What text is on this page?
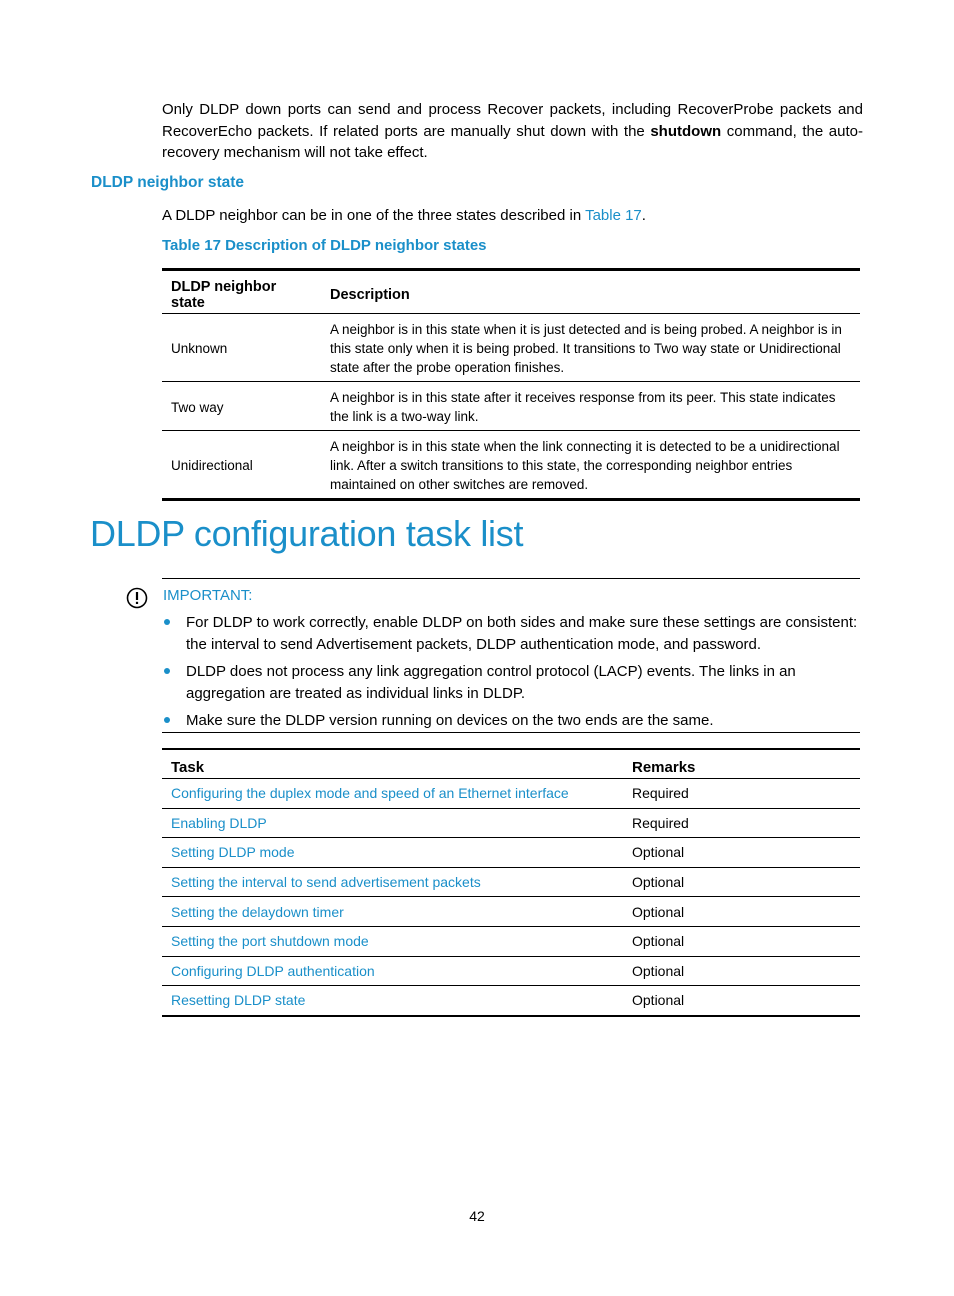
Only DLDP down ports can send and process Recover packets, including RecoverProbe packets and RecoverEcho packets. If related ports are manually shut down with the shutdown command, the auto-recovery mechanism will not take effect.

DLDP neighbor state

A DLDP neighbor can be in one of the three states described in Table 17.

Table 17 Description of DLDP neighbor states

DLDP neighbor state	Description
Unknown	A neighbor is in this state when it is just detected and is being probed. A neighbor is in this state only when it is being probed. It transitions to Two way state or Unidirectional state after the probe operation finishes.
Two way	A neighbor is in this state after it receives response from its peer. This state indicates the link is a two-way link.
Unidirectional	A neighbor is in this state when the link connecting it is detected to be a unidirectional link. After a switch transitions to this state, the corresponding neighbor entries maintained on other switches are removed.
DLDP configuration task list

IMPORTANT:

For DLDP to work correctly, enable DLDP on both sides and make sure these settings are consistent: the interval to send Advertisement packets, DLDP authentication mode, and password.
DLDP does not process any link aggregation control protocol (LACP) events. The links in an aggregation are treated as individual links in DLDP.
Make sure the DLDP version running on devices on the two ends are the same.
Task	Remarks
Configuring the duplex mode and speed of an Ethernet interface	Required
Enabling DLDP	Required
Setting DLDP mode	Optional
Setting the interval to send advertisement packets	Optional
Setting the delaydown timer	Optional
Setting the port shutdown mode	Optional
Configuring DLDP authentication	Optional
Resetting DLDP state	Optional

42
